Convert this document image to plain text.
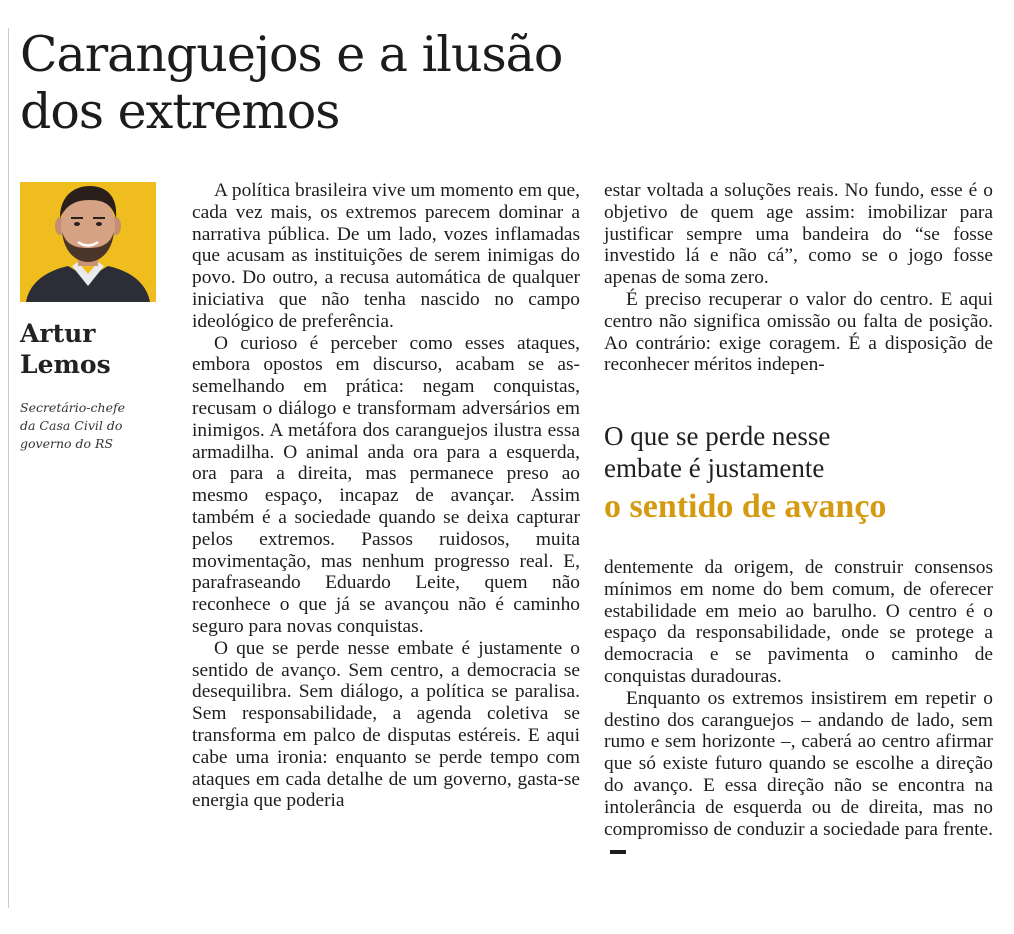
Caranguejos e a ilusão
dos extremos

Artur
Lemos

Secretário-chefe
da Casa Civil do
governo do RS

A política brasileira vive um momento em que, cada vez mais, os extremos parecem dominar a narrativa pública. De um lado, vozes inflamadas que acusam as instituições de serem inimigas do povo. Do outro, a recusa automática de qualquer iniciativa que não tenha nascido no campo ideológico de preferência.

O curioso é perceber como esses ataques, embora opostos em discurso, acabam se assemelhando em prática: negam conquistas, recusam o diálogo e transformam adversários em inimigos. A metáfora dos caranguejos ilustra essa armadilha. O animal anda ora para a esquerda, ora para a direita, mas permanece preso ao mesmo espaço, incapaz de avançar. Assim também é a sociedade quando se deixa capturar pelos extremos. Passos ruidosos, muita movimentação, mas nenhum progresso real. E, parafraseando Eduardo Leite, quem não reconhece o que já se avançou não é caminho seguro para novas conquistas.

O que se perde nesse embate é justamente o sentido de avanço. Sem centro, a democracia se desequilibra. Sem diálogo, a política se paralisa. Sem responsabilidade, a agenda coletiva se transforma em palco de disputas estéreis. E aqui cabe uma ironia: enquanto se perde tempo com ataques em cada detalhe de um governo, gasta-se energia que poderia

estar voltada a soluções reais. No fundo, esse é o objetivo de quem age assim: imobilizar para justificar sempre uma bandeira do “se fosse investido lá e não cá”, como se o jogo fosse apenas de soma zero.

É preciso recuperar o valor do centro. E aqui centro não significa omissão ou falta de posição. Ao contrário: exige coragem. É a disposição de reconhecer méritos indepen-

O que se perde nesse
embate é justamente
o sentido de avanço

dentemente da origem, de construir consensos mínimos em nome do bem comum, de oferecer estabilidade em meio ao barulho. O centro é o espaço da responsabilidade, onde se protege a democracia e se pavimenta o caminho de conquistas duradouras.

Enquanto os extremos insistirem em repetir o destino dos caranguejos – andando de lado, sem rumo e sem horizonte –, caberá ao centro afirmar que só existe futuro quando se escolhe a direção do avanço. E essa direção não se encontra na intolerância de esquerda ou de direita, mas no compromisso de conduzir a sociedade para frente.
